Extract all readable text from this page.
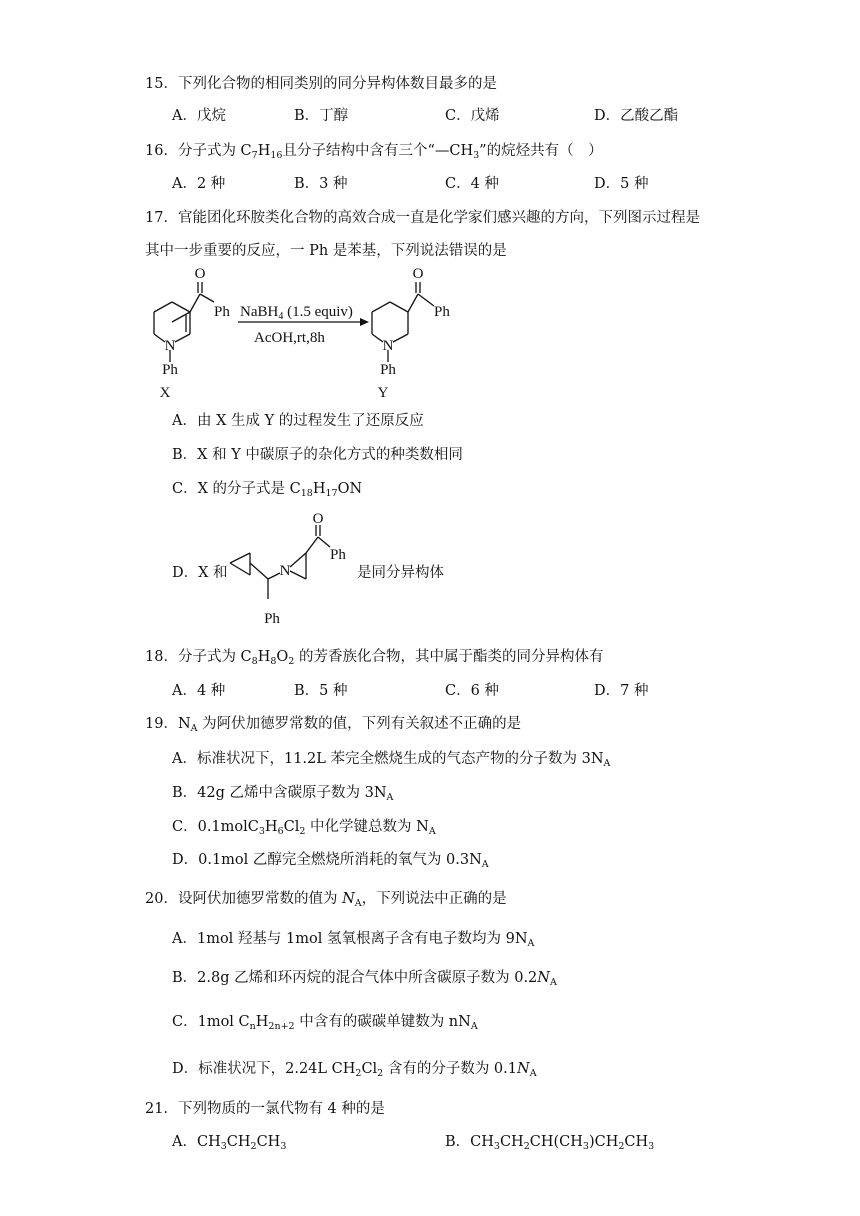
15．下列化合物的相同类别的同分异构体数目最多的是
A．戊烷	B．丁醇	C．戊烯	D．乙酸乙酯
16．分子式为 $C_7H_{16}$且分子结构中含有三个“$—CH_3$”的烷烃共有（　）
A．2 种	B．3 种	C．4 种	D．5 种
17．官能团化环胺类化合物的高效合成一直是化学家们感兴趣的方向，下列图示过程是
其中一步重要的反应，一 Ph 是苯基，下列说法错误的是
O
Ph
N
Ph
X
O
Ph
N
Ph
Y
NaBH$_4$ (1.5 equiv)
AcOH,rt,8h
A．由 X 生成 Y 的过程发生了还原反应
B．X 和 Y 中碳原子的杂化方式的种类数相同
C．X 的分子式是 $C_{18}H_{17}ON$
D．X 和	N
O
Ph
Ph
是同分异构体
18．分子式为 $C_8H_8O_2$ 的芳香族化合物，其中属于酯类的同分异构体有
A．4 种	B．5 种	C．6 种	D．7 种
19．$N_A$ 为阿伏加德罗常数的值，下列有关叙述不正确的是
A．标准状况下，11.2L 苯完全燃烧生成的气态产物的分子数为 $3N_A$
B．42g 乙烯中含碳原子数为 $3N_A$
C．$0.1molC_3H_6Cl_2$ 中化学键总数为 $N_A$
D．0.1mol 乙醇完全燃烧所消耗的氧气为 $0.3N_A$
20．设阿伏加德罗常数的值为 $N_A$，下列说法中正确的是
A．1mol 羟基与 1mol 氢氧根离子含有电子数均为 $9N_A$
B．2.8g 乙烯和环丙烷的混合气体中所含碳原子数为 $0.2N_A$
C．1mol $C_nH_{2n+2}$ 中含有的碳碳单键数为 $nN_A$
D．标准状况下，2.24L $CH_2Cl_2$ 含有的分子数为 $0.1N_A$
21．下列物质的一氯代物有 4 种的是
A．$CH_3CH_2CH_3$	B．$CH_3CH_2CH(CH_3)CH_2CH_3$
